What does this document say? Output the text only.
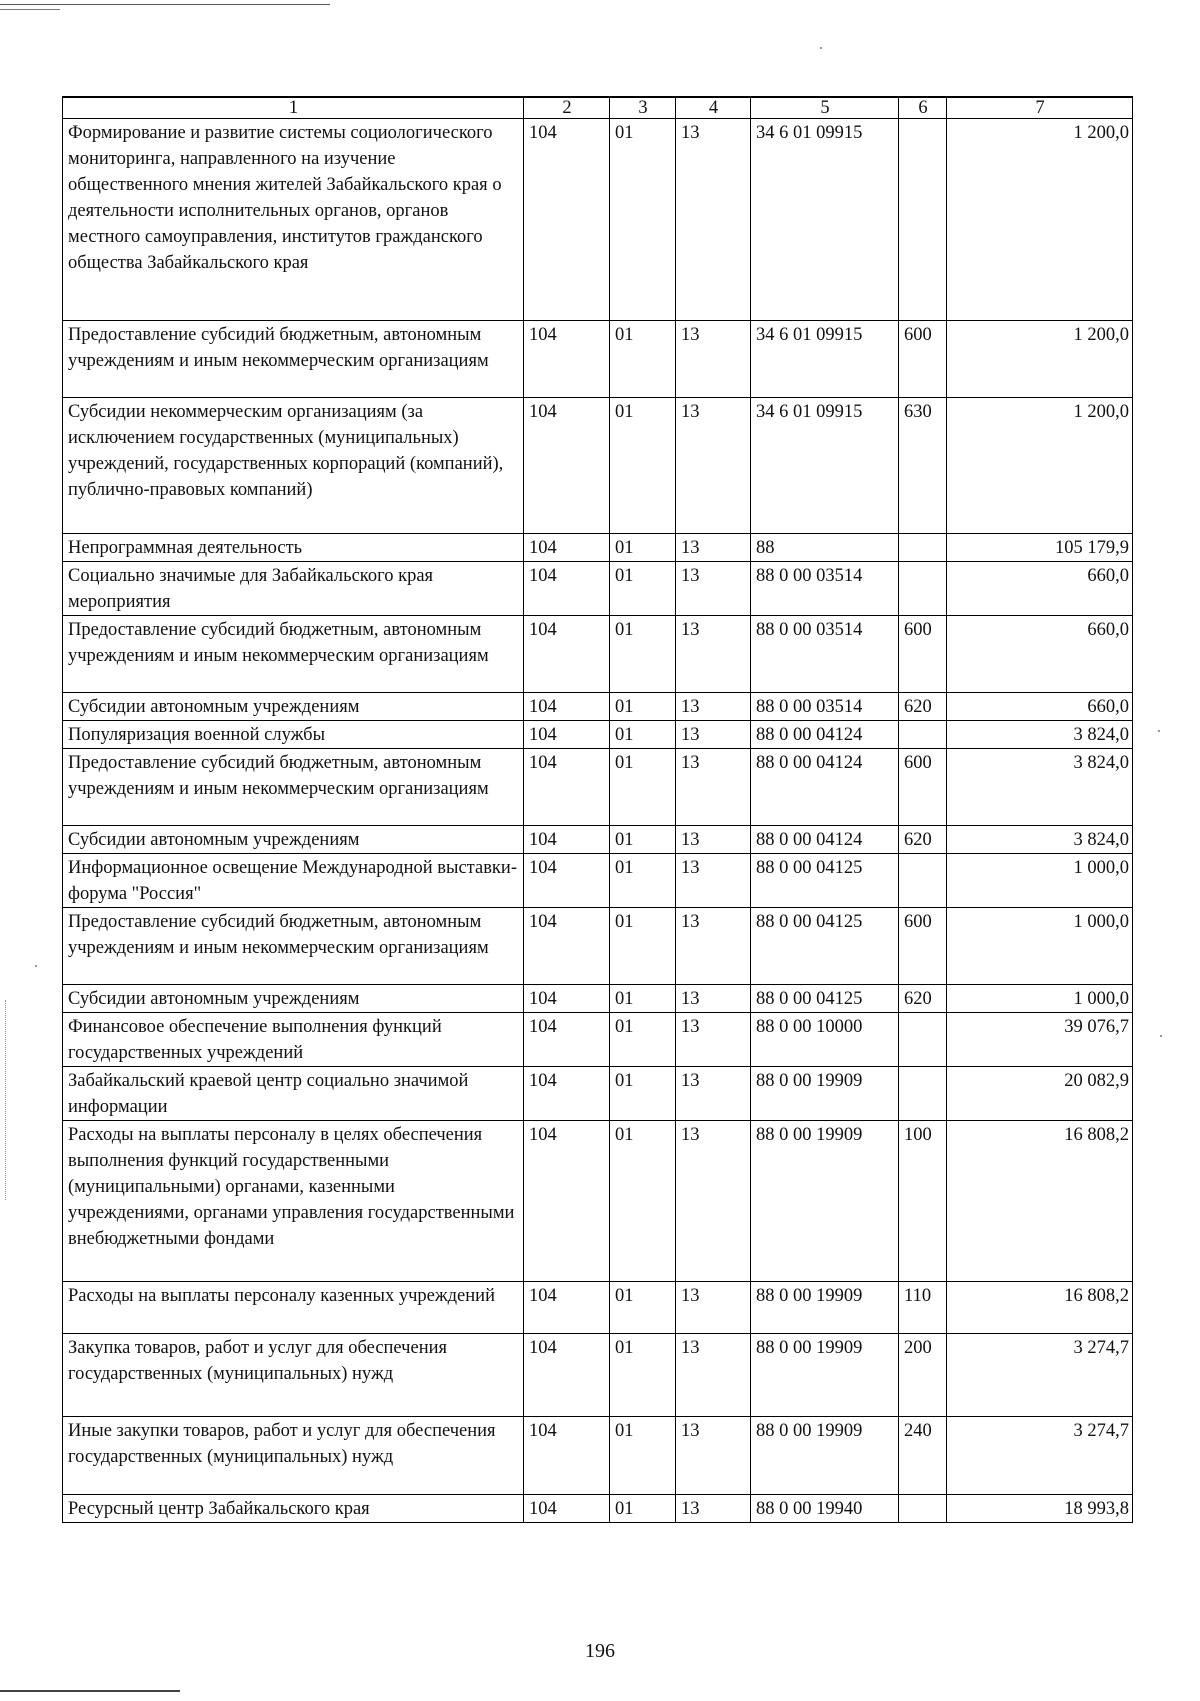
1	2	3	4	5	6	7
Формирование и развитие системы социологического мониторинга, направленного на изучение общественного мнения жителей Забайкальского края о деятельности исполнительных органов, органов местного самоуправления, институтов гражданского общества Забайкальского края	104	01	13	34 6 01 09915		1 200,0
Предоставление субсидий бюджетным, автономным учреждениям и иным некоммерческим организациям	104	01	13	34 6 01 09915	600	1 200,0
Субсидии некоммерческим организациям (за исключением государственных (муниципальных) учреждений, государственных корпораций (компаний), публично-правовых компаний)	104	01	13	34 6 01 09915	630	1 200,0
Непрограммная деятельность	104	01	13	88		105 179,9
Социально значимые для Забайкальского края мероприятия	104	01	13	88 0 00 03514		660,0
Предоставление субсидий бюджетным, автономным учреждениям и иным некоммерческим организациям	104	01	13	88 0 00 03514	600	660,0
Субсидии автономным учреждениям	104	01	13	88 0 00 03514	620	660,0
Популяризация военной службы	104	01	13	88 0 00 04124		3 824,0
Предоставление субсидий бюджетным, автономным учреждениям и иным некоммерческим организациям	104	01	13	88 0 00 04124	600	3 824,0
Субсидии автономным учреждениям	104	01	13	88 0 00 04124	620	3 824,0
Информационное освещение Международной выставки-форума "Россия"	104	01	13	88 0 00 04125		1 000,0
Предоставление субсидий бюджетным, автономным учреждениям и иным некоммерческим организациям	104	01	13	88 0 00 04125	600	1 000,0
Субсидии автономным учреждениям	104	01	13	88 0 00 04125	620	1 000,0
Финансовое обеспечение выполнения функций государственных учреждений	104	01	13	88 0 00 10000		39 076,7
Забайкальский краевой центр социально значимой информации	104	01	13	88 0 00 19909		20 082,9
Расходы на выплаты персоналу в целях обеспечения выполнения функций государственными (муниципальными) органами, казенными учреждениями, органами управления государственными внебюджетными фондами	104	01	13	88 0 00 19909	100	16 808,2
Расходы на выплаты персоналу казенных учреждений	104	01	13	88 0 00 19909	110	16 808,2
Закупка товаров, работ и услуг для обеспечения государственных (муниципальных) нужд	104	01	13	88 0 00 19909	200	3 274,7
Иные закупки товаров, работ и услуг для обеспечения государственных (муниципальных) нужд	104	01	13	88 0 00 19909	240	3 274,7
Ресурсный центр Забайкальского края	104	01	13	88 0 00 19940		18 993,8
196
